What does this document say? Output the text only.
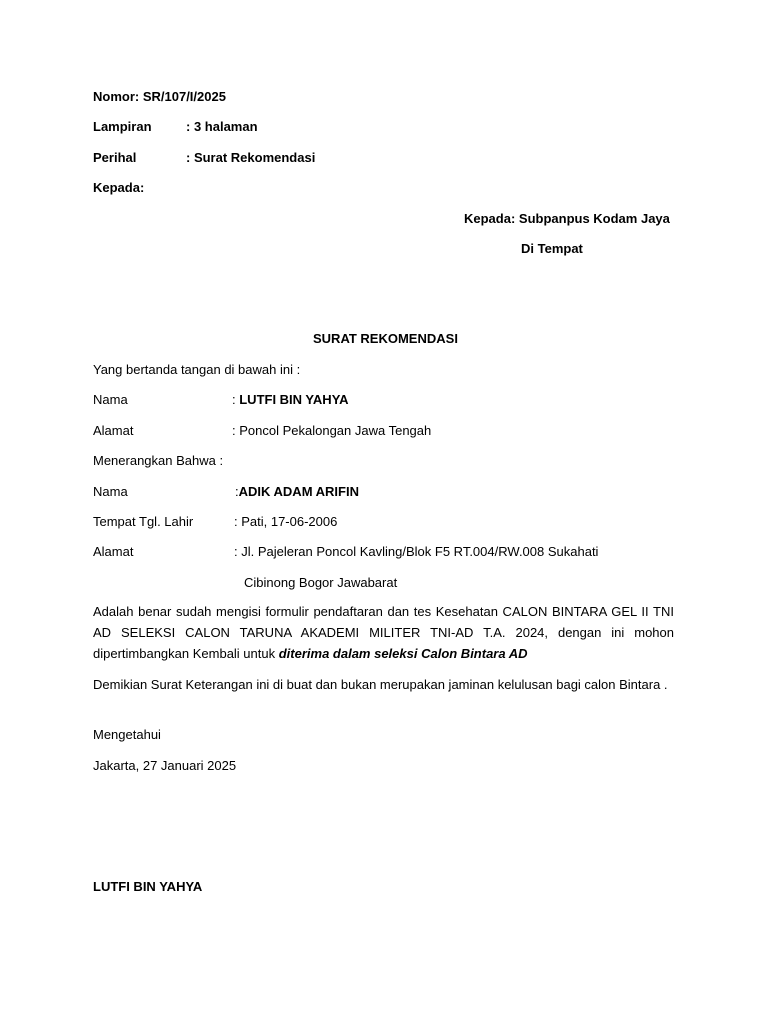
Nomor: SR/107/I/2025
Lampiran	: 3 halaman
Perihal	: Surat Rekomendasi
Kepada:
Kepada: Subpanpus Kodam Jaya
Di Tempat
SURAT REKOMENDASI
Yang bertanda tangan di bawah ini :
Nama	: LUTFI BIN YAHYA
Alamat	: Poncol Pekalongan Jawa Tengah
Menerangkan Bahwa :
Nama	:ADIK ADAM ARIFIN
Tempat Tgl. Lahir	: Pati, 17-06-2006
Alamat	: Jl. Pajeleran Poncol Kavling/Blok F5 RT.004/RW.008 Sukahati
Cibinong Bogor Jawabarat
Adalah benar sudah mengisi formulir pendaftaran dan tes Kesehatan CALON BINTARA GEL II TNI AD SELEKSI CALON TARUNA AKADEMI MILITER TNI-AD T.A. 2024, dengan ini mohon dipertimbangkan Kembali untuk diterima dalam seleksi Calon Bintara AD
Demikian Surat Keterangan ini di buat dan bukan merupakan jaminan kelulusan bagi calon Bintara .
Mengetahui
Jakarta, 27 Januari 2025
LUTFI BIN YAHYA
